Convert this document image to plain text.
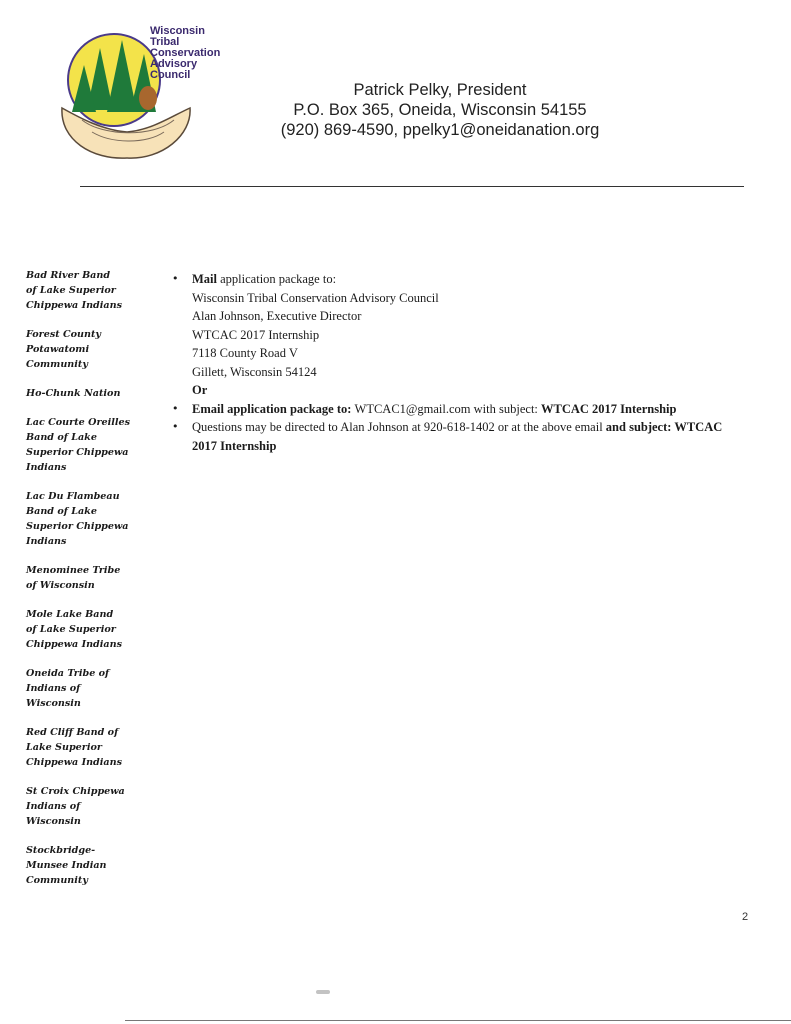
Wisconsin
Tribal
Conservation
Advisory
Council
Patrick Pelky, President
P.O. Box 365, Oneida, Wisconsin 54155
(920) 869-4590, ppelky1@oneidanation.org
Bad River Band
of Lake Superior
Chippewa Indians
Forest County
Potawatomi
Community
Ho-Chunk Nation
Lac Courte Oreilles
Band of Lake
Superior Chippewa
Indians
Lac Du Flambeau
Band of Lake
Superior Chippewa
Indians
Menominee Tribe
of Wisconsin
Mole Lake Band
of Lake Superior
Chippewa Indians
Oneida Tribe of
Indians of
Wisconsin
Red Cliff Band of
Lake Superior
Chippewa Indians
St Croix Chippewa
Indians of
Wisconsin
Stockbridge-
Munsee Indian
Community
• Mail application package to:
Wisconsin Tribal Conservation Advisory Council
Alan Johnson, Executive Director
WTCAC 2017 Internship
7118 County Road V
Gillett, Wisconsin 54124
Or
• Email application package to: WTCAC1@gmail.com with subject: WTCAC 2017 Internship
• Questions may be directed to Alan Johnson at 920-618-1402 or at the above email and subject: WTCAC 2017 Internship
2
